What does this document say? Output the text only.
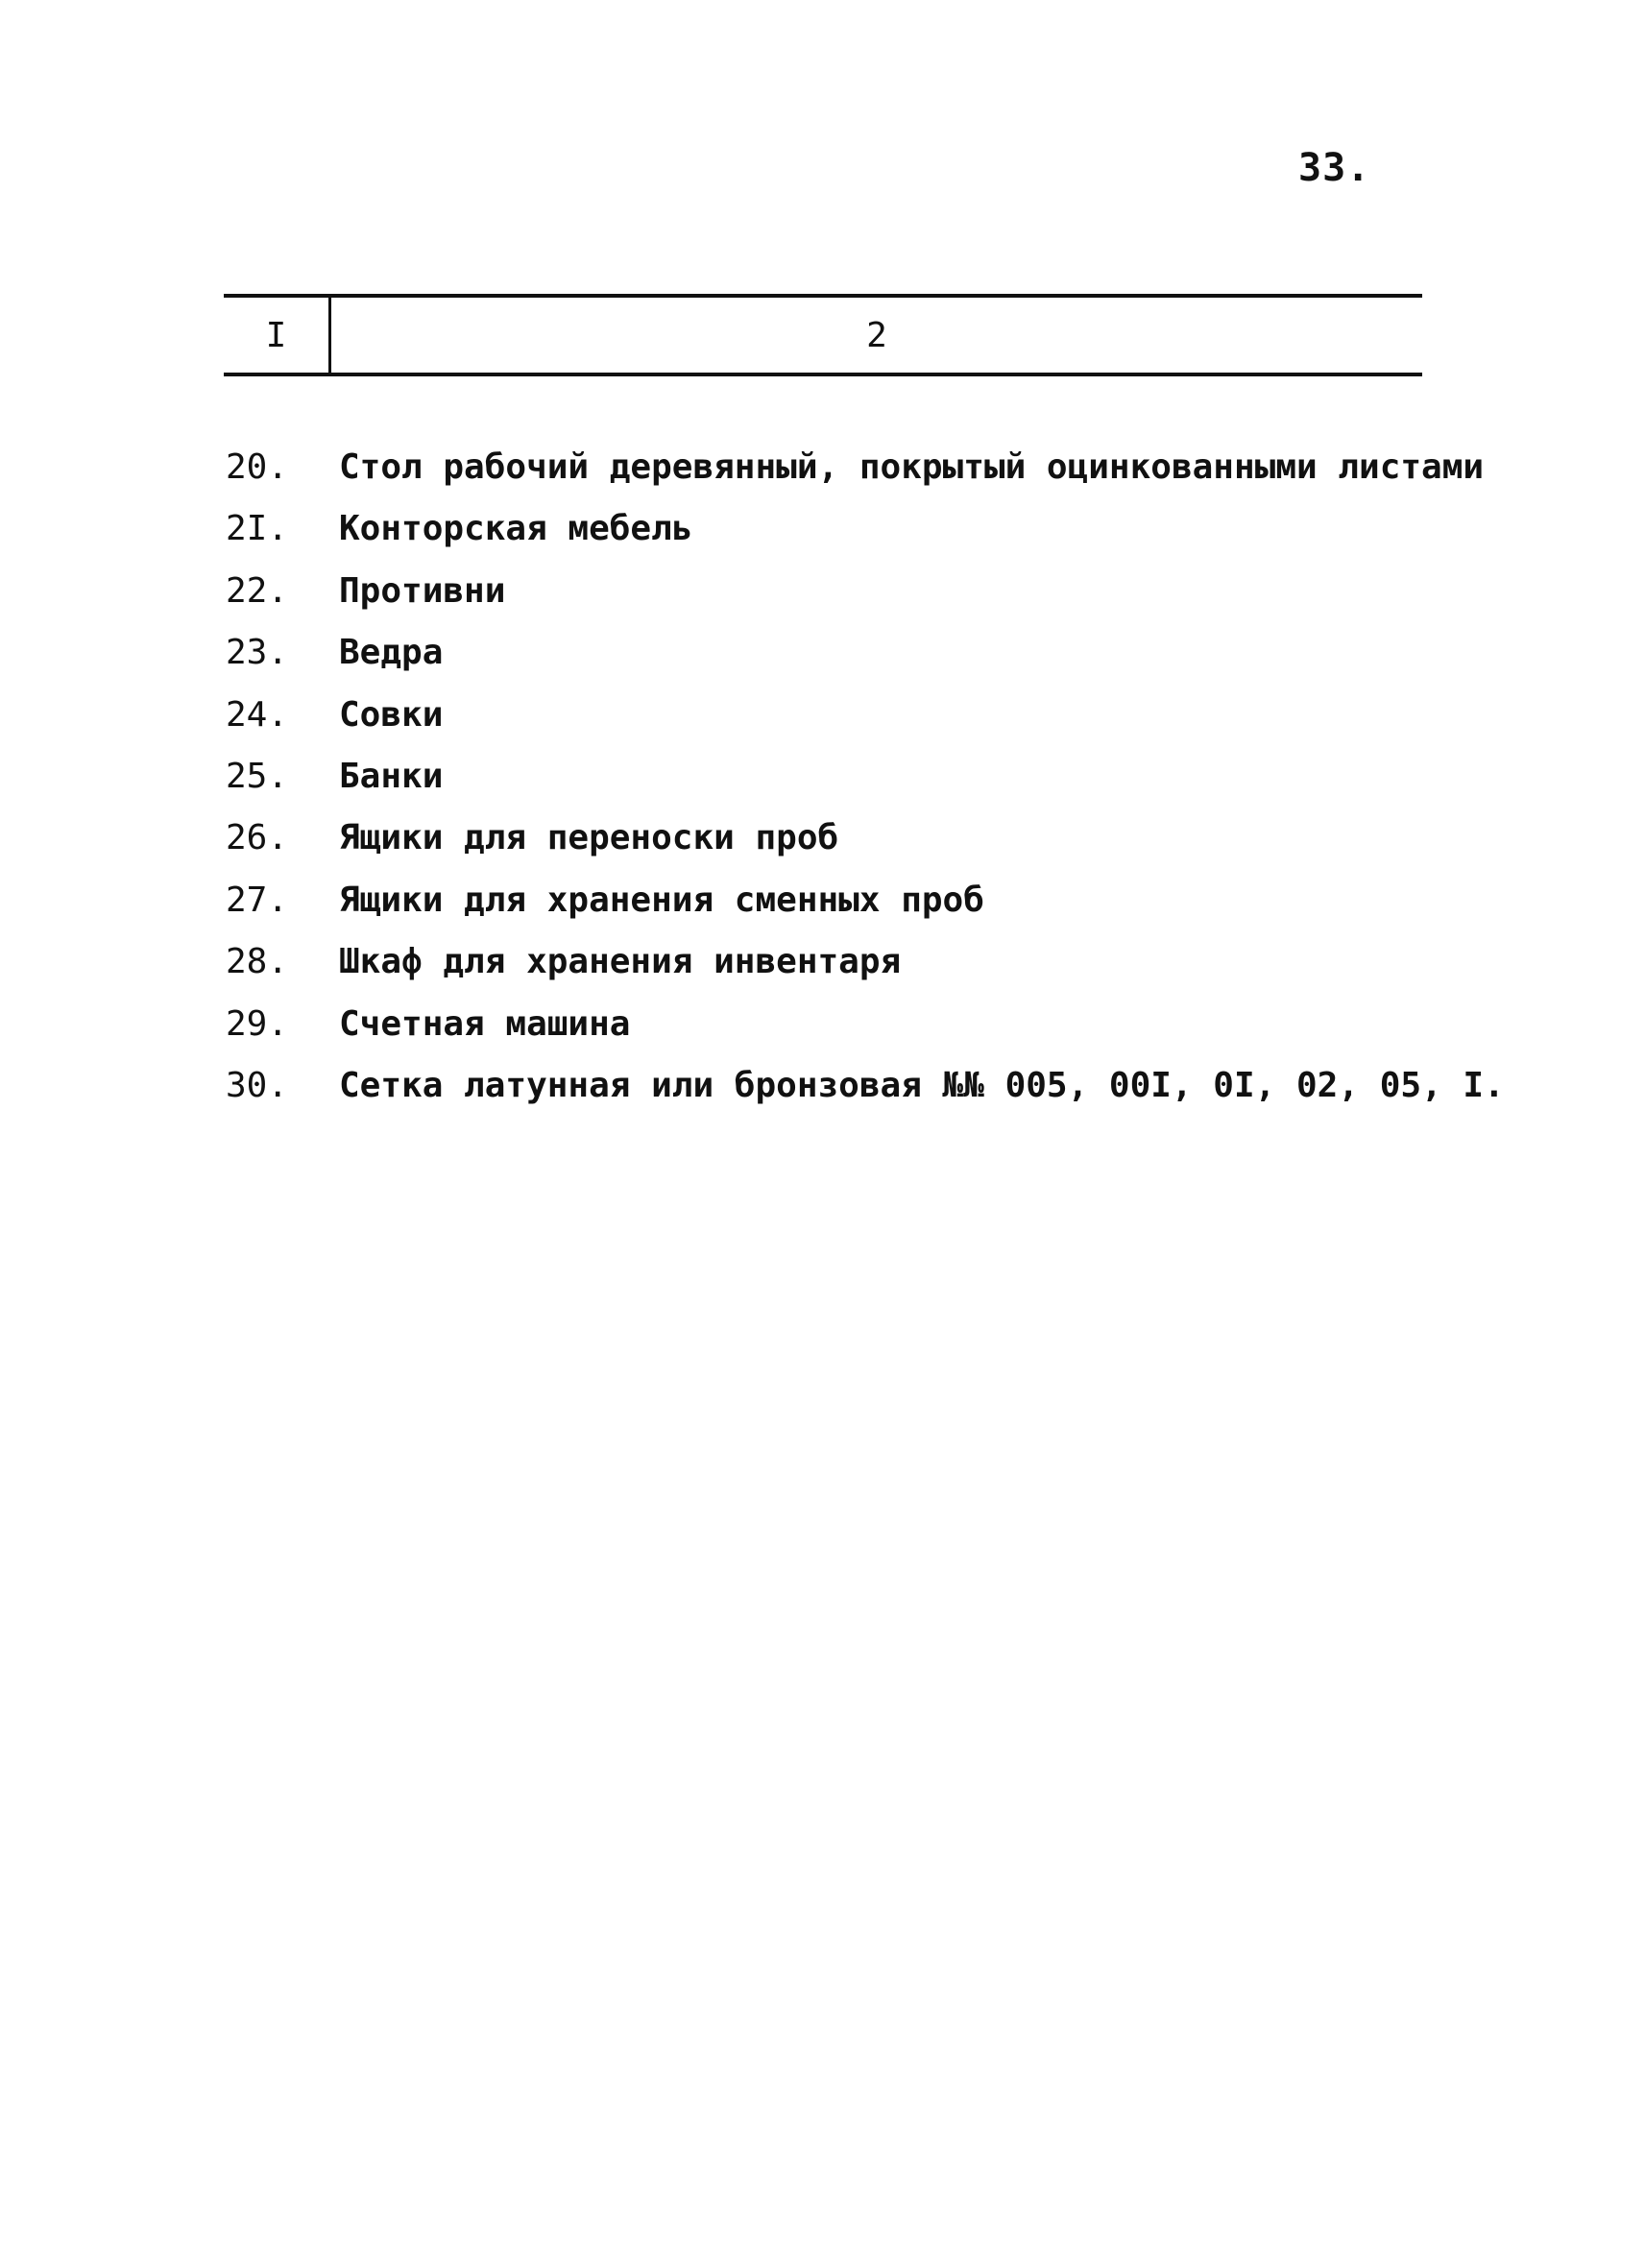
33.
I	2
20.	Стол рабочий деревянный, покрытый оцинкованными листами
2I.	Конторская мебель
22.	Противни
23.	Ведра
24.	Совки
25.	Банки
26.	Ящики для переноски проб
27.	Ящики для хранения сменных проб
28.	Шкаф для хранения инвентаря
29.	Счетная машина
30.	Сетка латунная или бронзовая №№ 005, 00I, 0I, 02, 05, I.
